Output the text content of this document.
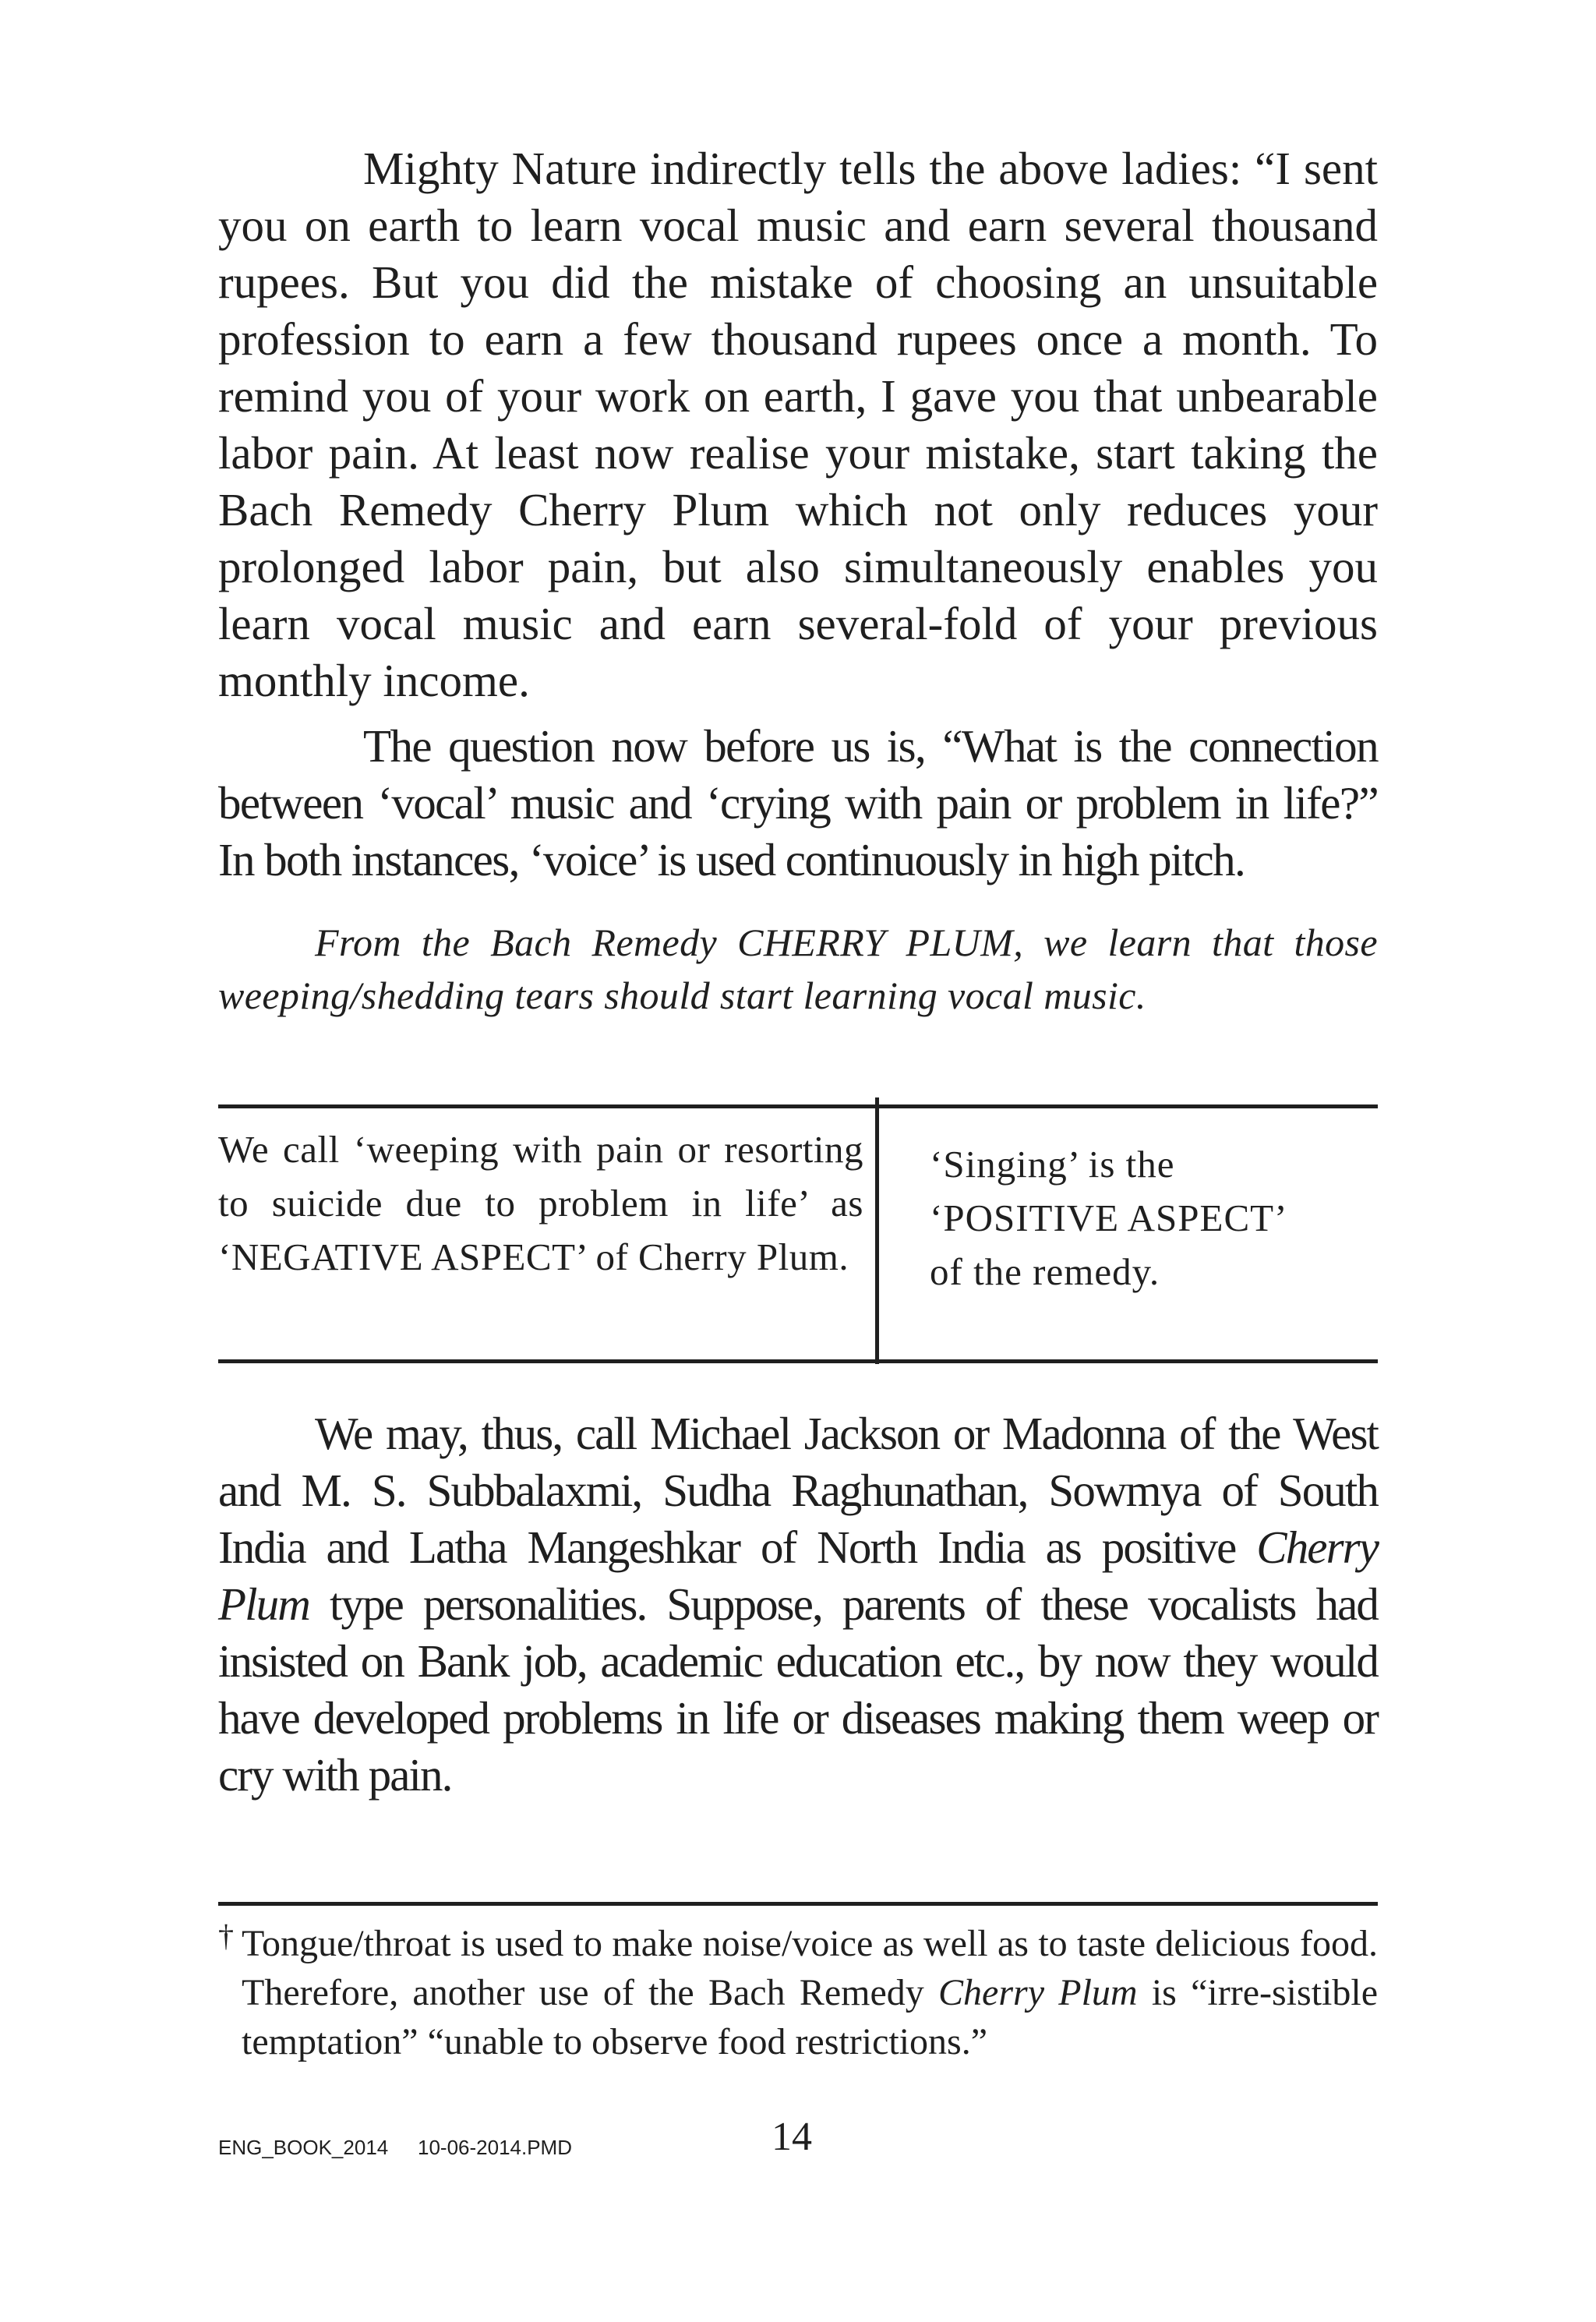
Mighty Nature indirectly tells the above ladies: “I sent you on earth to learn vocal music and earn several thousand rupees. But you did the mistake of choosing an unsuitable profession to earn a few thousand rupees once a month. To remind you of your work on earth, I gave you that unbearable labor pain. At least now realise your mistake, start taking the Bach Remedy Cherry Plum which not only reduces your prolonged labor pain, but also simultaneously enables you learn vocal music and earn several-fold of your previous monthly income.

The question now before us is, “What is the connection between ‘vocal’ music and ‘crying with pain or problem in life?” In both instances, ‘voice’ is used continuously in high pitch.

From the Bach Remedy CHERRY PLUM, we learn that those weeping/shedding tears should start learning vocal music.

We call ‘weeping with pain or resorting to suicide due to problem in life’ as ‘NEGATIVE ASPECT’ of Cherry Plum.

‘Singing’ is the
‘POSITIVE ASPECT’
of the remedy.

We may, thus, call Michael Jackson or Madonna of the West and M. S. Subbalaxmi, Sudha Raghunathan, Sowmya of South India and Latha Mangeshkar of North India as positive Cherry Plum type personalities. Suppose, parents of these vocalists had insisted on Bank job, academic education etc., by now they would have developed problems in life or diseases making them weep or cry with pain.

† Tongue/throat is used to make noise/voice as well as to taste delicious food. Therefore, another use of the Bach Remedy Cherry Plum is “irre-sistible temptation” “unable to observe food restrictions.”
ENG_BOOK_2014 10-06-2014.PMD	14
